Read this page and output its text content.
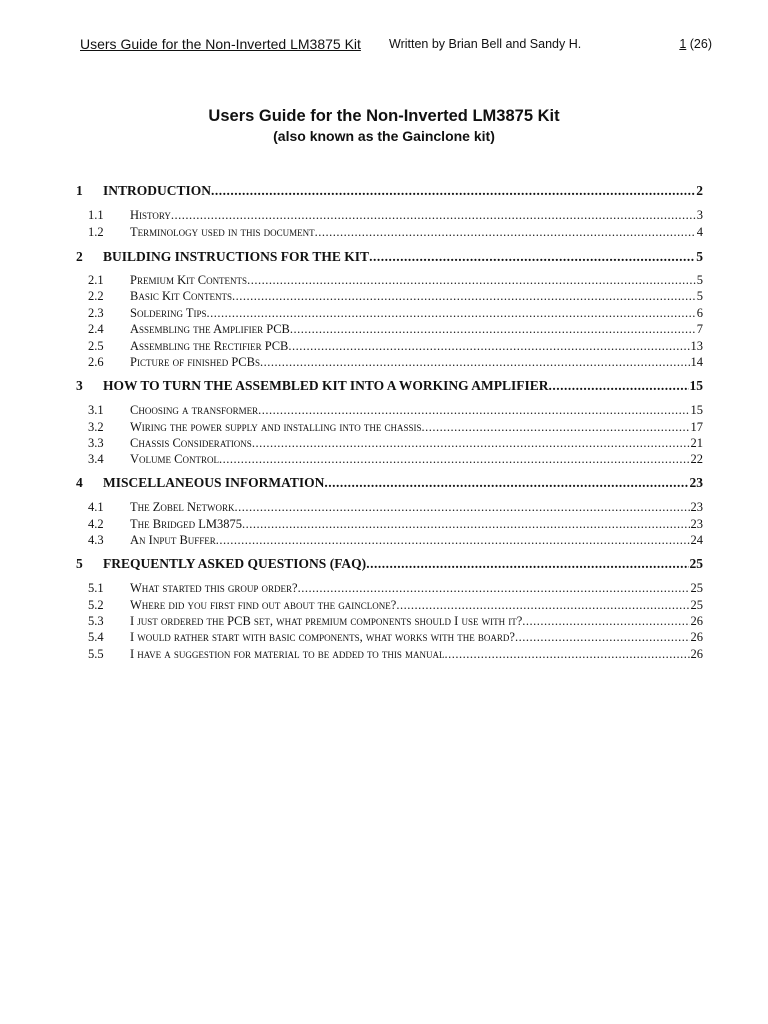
Users Guide for the Non-Inverted LM3875 Kit Written by Brian Bell and Sandy H.	1 (26)
Users Guide for the Non-Inverted LM3875 Kit
(also known as the Gainclone kit)
1	INTRODUCTION .....	2
1.1	History .....	3
1.2	Terminology used in this document .....	4
2	BUILDING INSTRUCTIONS FOR THE KIT .....	5
2.1	Premium Kit Contents .....	5
2.2	Basic Kit Contents .....	5
2.3	Soldering Tips .....	6
2.4	Assembling the Amplifier PCB .....	7
2.5	Assembling the Rectifier PCB .....	13
2.6	Picture of finished PCBs .....	14
3	HOW TO TURN THE ASSEMBLED KIT INTO A WORKING AMPLIFIER .....	15
3.1	Choosing a transformer .....	15
3.2	Wiring the power supply and installing into the chassis .....	17
3.3	Chassis Considerations .....	21
3.4	Volume Control .....	22
4	MISCELLANEOUS INFORMATION .....	23
4.1	The Zobel Network .....	23
4.2	The Bridged LM3875 .....	23
4.3	An Input Buffer .....	24
5	FREQUENTLY ASKED QUESTIONS (FAQ) .....	25
5.1	What started this group order? .....	25
5.2	Where did you first find out about the gainclone? .....	25
5.3	I just ordered the PCB set, what premium components should I use with it? .....	26
5.4	I would rather start with basic components, what works with the board? .....	26
5.5	I have a suggestion for material to be added to this manual .....	26
